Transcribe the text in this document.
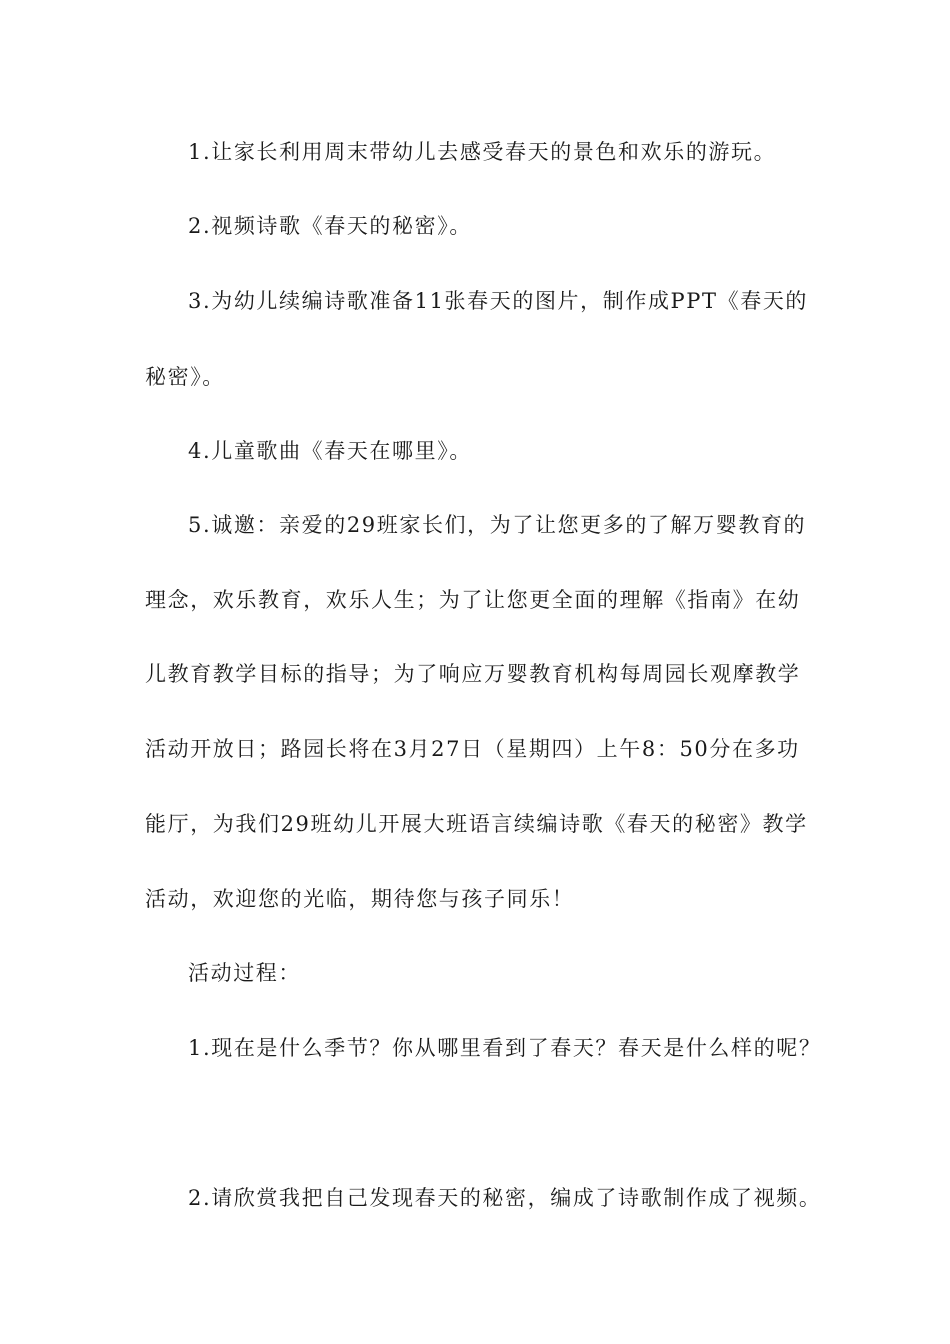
1.让家长利用周末带幼儿去感受春天的景色和欢乐的游玩。
2.视频诗歌《春天的秘密》。
3.为幼儿续编诗歌准备11张春天的图片，制作成PPT《春天的
秘密》。
4.儿童歌曲《春天在哪里》。
5.诚邀：亲爱的29班家长们，为了让您更多的了解万婴教育的
理念，欢乐教育，欢乐人生；为了让您更全面的理解《指南》在幼
儿教育教学目标的指导；为了响应万婴教育机构每周园长观摩教学
活动开放日；路园长将在3月27日（星期四）上午8：50分在多功
能厅，为我们29班幼儿开展大班语言续编诗歌《春天的秘密》教学
活动，欢迎您的光临，期待您与孩子同乐！
活动过程：
1.现在是什么季节？你从哪里看到了春天？春天是什么样的呢？
2.请欣赏我把自己发现春天的秘密，编成了诗歌制作成了视频。
